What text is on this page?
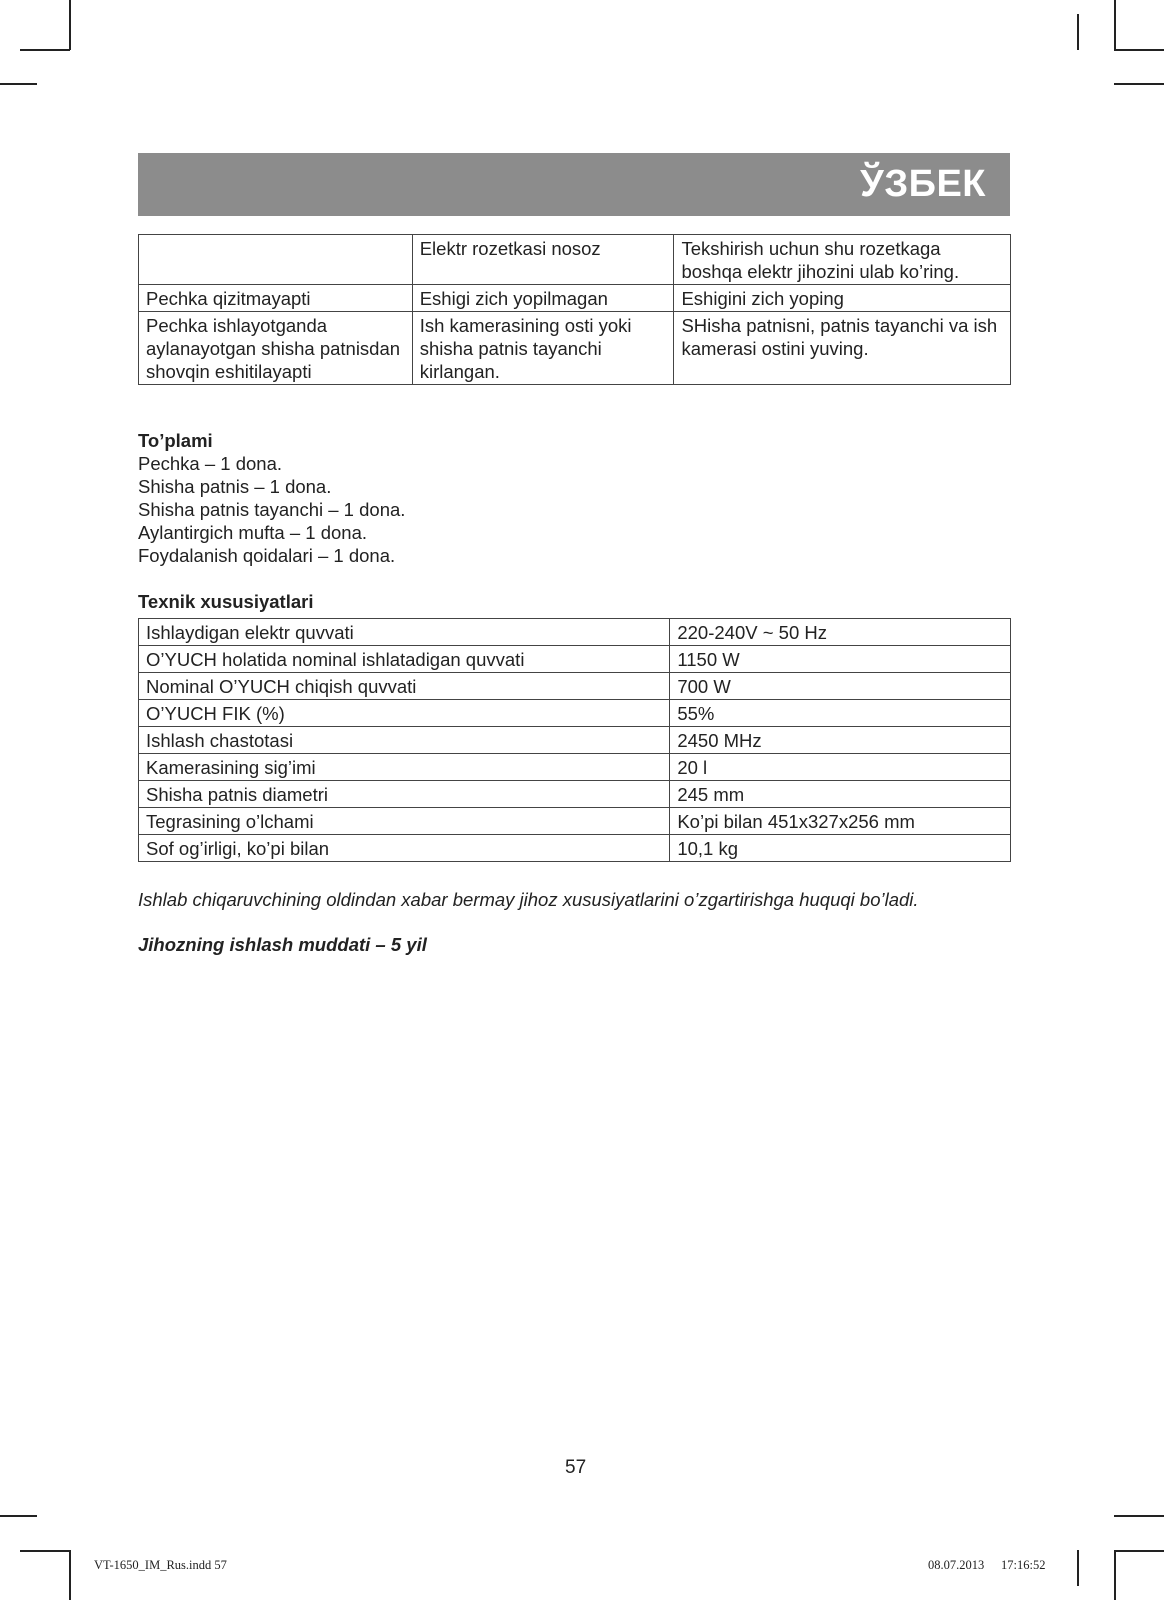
ЎЗБЕК
	Elektr rozetkasi nosoz	Tekshirish uchun shu rozetkaga boshqa elektr jihozini ulab ko’ring.
Pechka qizitmayapti	Eshigi zich yopilmagan	Eshigini zich yoping
Pechka ishlayotganda aylanayotgan shisha patnisdan shovqin eshitilayapti	Ish kamerasining osti yoki shisha patnis tayanchi kirlangan.	SHisha patnisni, patnis tayanchi va ish kamerasi ostini yuving.
To’plami
Pechka – 1 dona.
Shisha patnis – 1 dona.
Shisha patnis tayanchi – 1 dona.
Aylantirgich mufta – 1 dona.
Foydalanish qoidalari – 1 dona.
Texnik xususiyatlari
Ishlaydigan elektr quvvati	220-240V ~ 50 Hz
O’YUCH holatida nominal ishlatadigan quvvati	1150 W
Nominal O’YUCH chiqish quvvati	700 W
O’YUCH FIK (%)	55%
Ishlash chastotasi	2450 MHz
Kamerasining sig’imi	20 l
Shisha patnis diametri	245 mm
Tegrasining o’lchami	Ko’pi bilan 451x327x256 mm
Sof og’irligi, ko’pi bilan	10,1 kg
Ishlab chiqaruvchining oldindan xabar bermay jihoz xususiyatlarini o’zgartirishga huquqi bo’ladi.
Jihozning ishlash muddati – 5 yil
57
VT-1650_IM_Rus.indd 57	08.07.2013 17:16:52
